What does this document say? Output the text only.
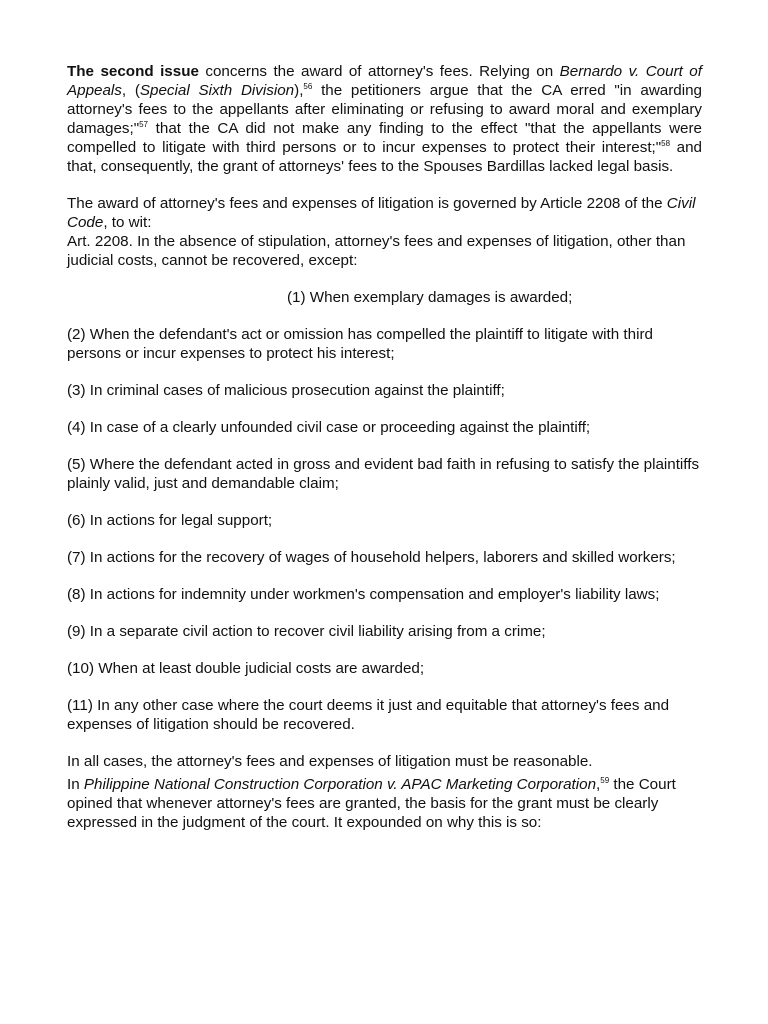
The second issue concerns the award of attorney's fees. Relying on Bernardo v. Court of Appeals, (Special Sixth Division),$^{56}$ the petitioners argue that the CA erred "in awarding attorney's fees to the appellants after eliminating or refusing to award moral and exemplary damages;"$^{57}$ that the CA did not make any finding to the effect "that the appellants were compelled to litigate with third persons or to incur expenses to protect their interest;"$^{58}$ and that, consequently, the grant of attorneys' fees to the Spouses Bardillas lacked legal basis.

The award of attorney's fees and expenses of litigation is governed by Article 2208 of the Civil Code, to wit:

Art. 2208. In the absence of stipulation, attorney's fees and expenses of litigation, other than judicial costs, cannot be recovered, except:

(1) When exemplary damages is awarded;

(2) When the defendant's act or omission has compelled the plaintiff to litigate with third persons or incur expenses to protect his interest;

(3) In criminal cases of malicious prosecution against the plaintiff;

(4) In case of a clearly unfounded civil case or proceeding against the plaintiff;

(5) Where the defendant acted in gross and evident bad faith in refusing to satisfy the plaintiffs plainly valid, just and demandable claim;

(6) In actions for legal support;

(7) In actions for the recovery of wages of household helpers, laborers and skilled workers;

(8) In actions for indemnity under workmen's compensation and employer's liability laws;

(9) In a separate civil action to recover civil liability arising from a crime;

(10) When at least double judicial costs are awarded;

(11) In any other case where the court deems it just and equitable that attorney's fees and expenses of litigation should be recovered.

In all cases, the attorney's fees and expenses of litigation must be reasonable.

In Philippine National Construction Corporation v. APAC Marketing Corporation,$^{59}$ the Court opined that whenever attorney's fees are granted, the basis for the grant must be clearly expressed in the judgment of the court. It expounded on why this is so:
